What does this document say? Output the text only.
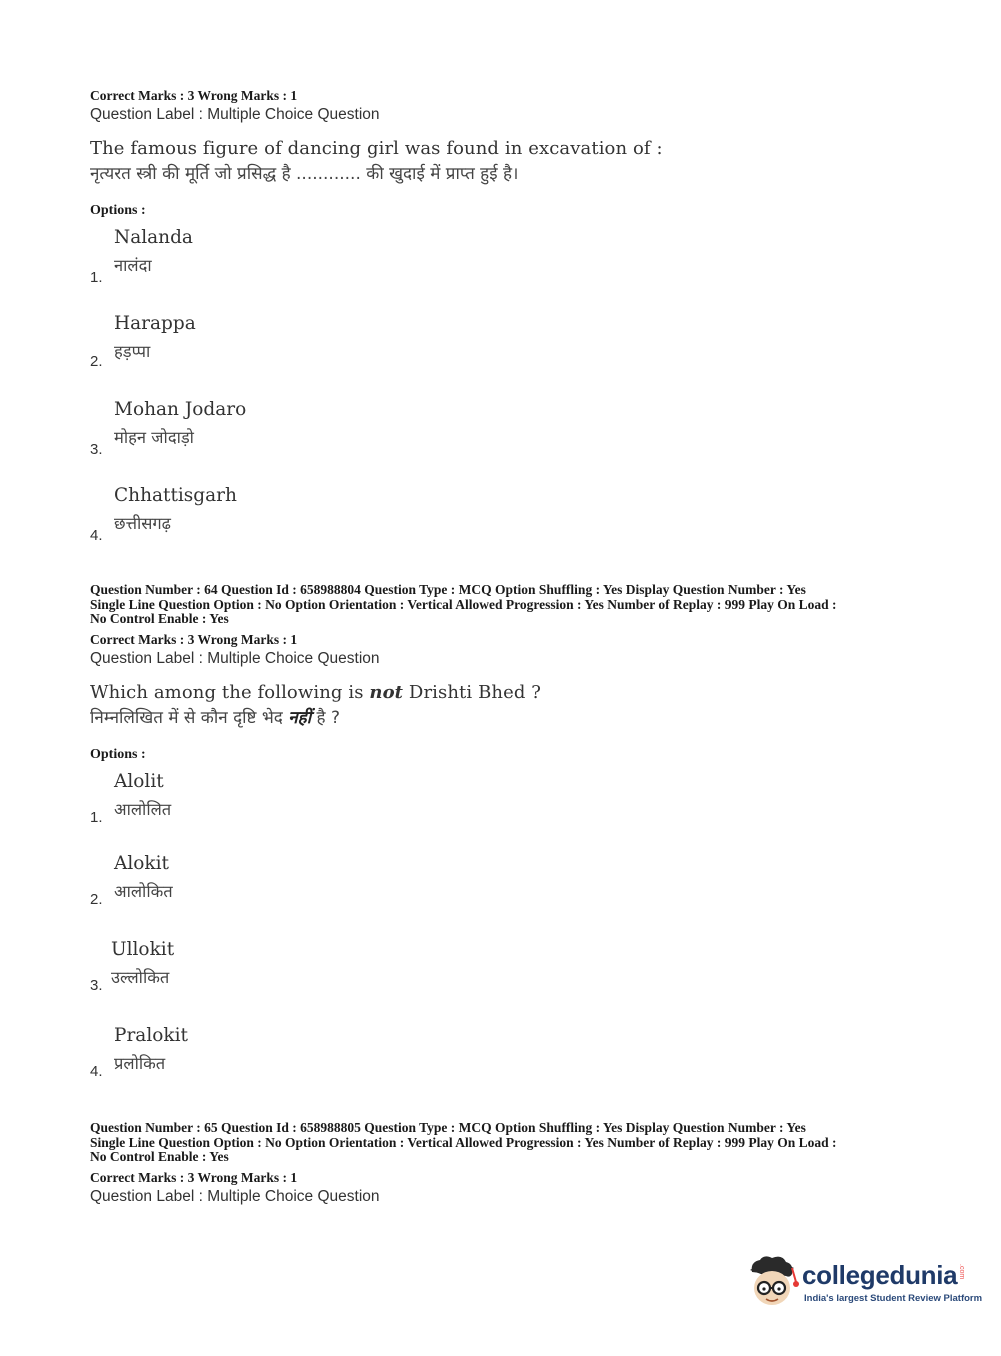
Correct Marks : 3 Wrong Marks : 1
Question Label : Multiple Choice Question
The famous figure of dancing girl was found in excavation of :
नृत्यरत स्त्री की मूर्ति जो प्रसिद्ध है ............ की खुदाई में प्राप्त हुई है।
Options :
Nalanda
नालंदा
1.
Harappa
हड़प्पा
2.
Mohan Jodaro
मोहन जोदाड़ो
3.
Chhattisgarh
छत्तीसगढ़
4.
Question Number : 64 Question Id : 658988804 Question Type : MCQ Option Shuffling : Yes Display Question Number : Yes
Single Line Question Option : No Option Orientation : Vertical Allowed Progression : Yes Number of Replay : 999 Play On Load :
No Control Enable : Yes
Correct Marks : 3 Wrong Marks : 1
Question Label : Multiple Choice Question
Which among the following is not Drishti Bhed ?
निम्नलिखित में से कौन दृष्टि भेद नहीं है ?
Options :
Alolit
आलोलित
1.
Alokit
आलोकित
2.
Ullokit
उल्लोकित
3.
Pralokit
प्रलोकित
4.
Question Number : 65 Question Id : 658988805 Question Type : MCQ Option Shuffling : Yes Display Question Number : Yes
Single Line Question Option : No Option Orientation : Vertical Allowed Progression : Yes Number of Replay : 999 Play On Load :
No Control Enable : Yes
Correct Marks : 3 Wrong Marks : 1
Question Label : Multiple Choice Question
collegedunia .com
India's largest Student Review Platform
